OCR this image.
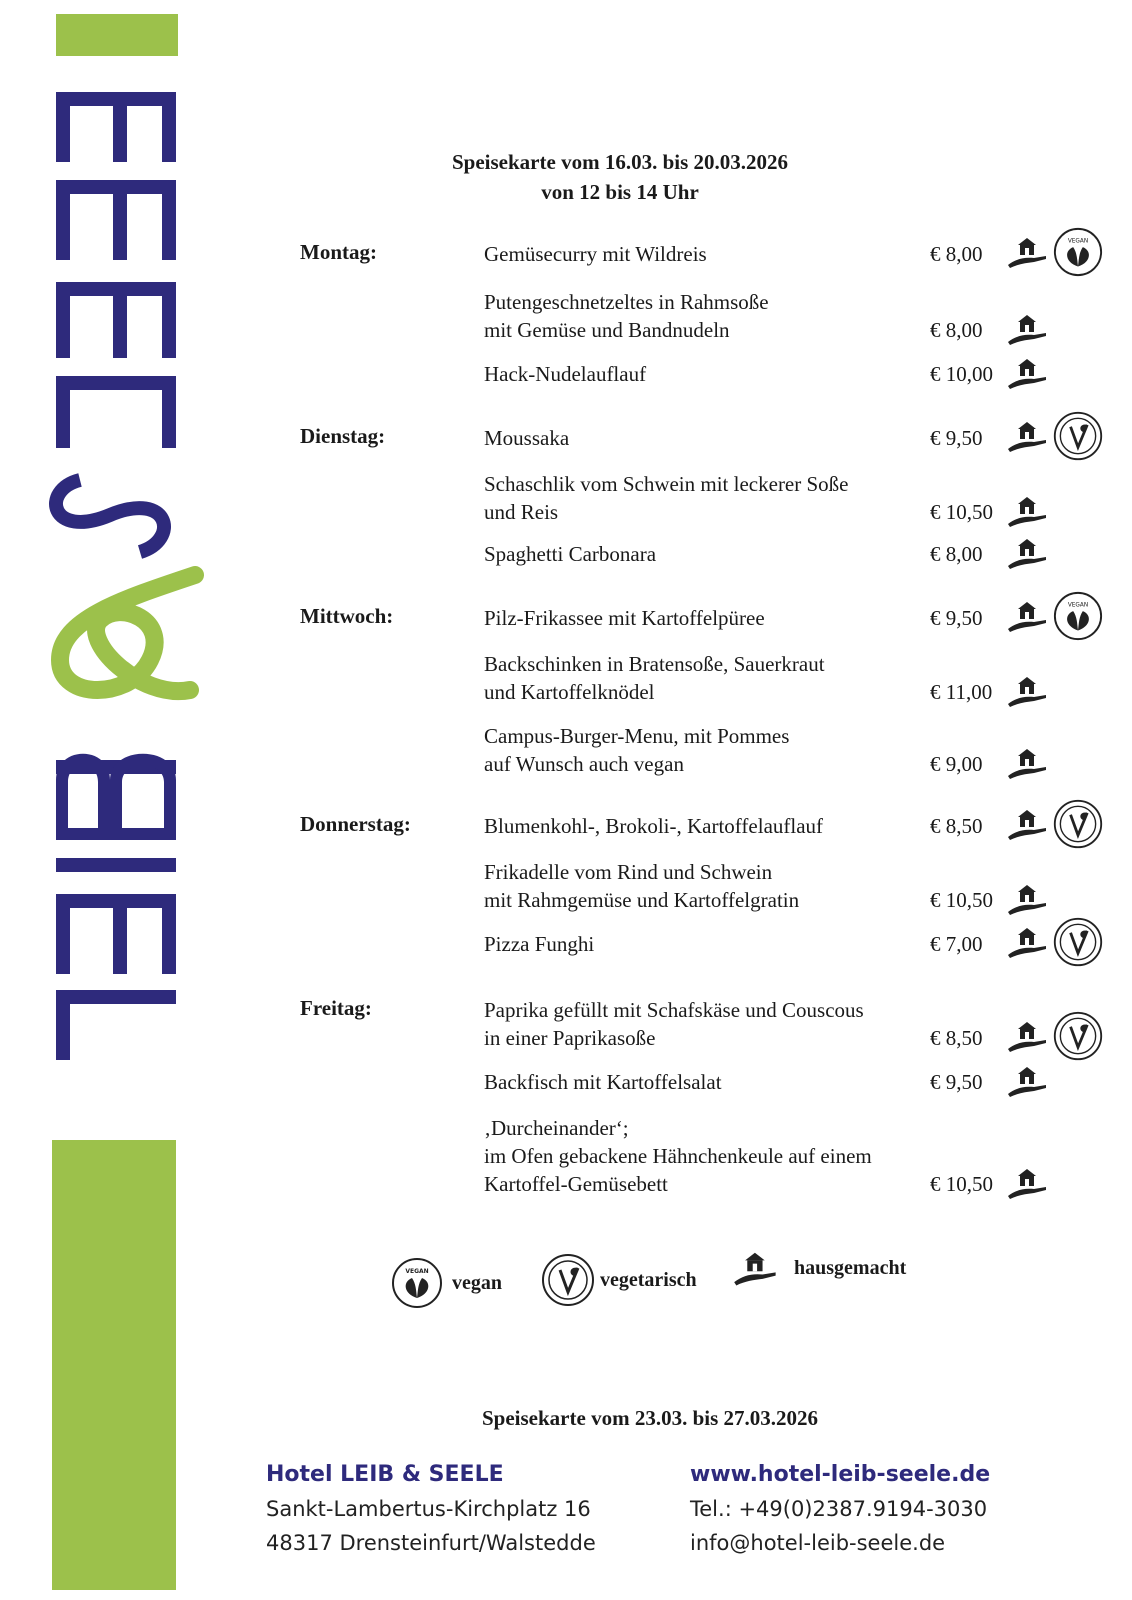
Speisekarte vom 16.03. bis 20.03.2026
von 12 bis 14 Uhr
Montag:	Gemüsecurry mit Wildreis	€ 8,00
VEGAN
Putengeschnetzeltes in Rahmsoße
mit Gemüse und Bandnudeln	€ 8,00
Hack-Nudelauflauf	€ 10,00
Dienstag:	Moussaka	€ 9,50
Schaschlik vom Schwein mit leckerer Soße
und Reis	€ 10,50
Spaghetti Carbonara	€ 8,00
Mittwoch:	Pilz-Frikassee mit Kartoffelpüree	€ 9,50
VEGAN
Backschinken in Bratensoße, Sauerkraut
und Kartoffelknödel	€ 11,00
Campus-Burger-Menu, mit Pommes
auf Wunsch auch vegan	€ 9,00
Donnerstag:	Blumenkohl-, Brokoli-, Kartoffelauflauf	€ 8,50
Frikadelle vom Rind und Schwein
mit Rahmgemüse und Kartoffelgratin	€ 10,50
Pizza Funghi	€ 7,00
Freitag:	Paprika gefüllt mit Schafskäse und Couscous
in einer Paprikasoße	€ 8,50
Backfisch mit Kartoffelsalat	€ 9,50
‚Durcheinander‘;
im Ofen gebackene Hähnchenkeule auf einem
Kartoffel-Gemüsebett	€ 10,50
VEGAN vegan	vegetarisch
hausgemacht
Speisekarte vom 23.03. bis 27.03.2026
Hotel LEIB & SEELE
Sankt-Lambertus-Kirchplatz 16
48317 Drensteinfurt/Walstedde
www.hotel-leib-seele.de
Tel.: +49(0)2387.9194-3030
info@hotel-leib-seele.de
